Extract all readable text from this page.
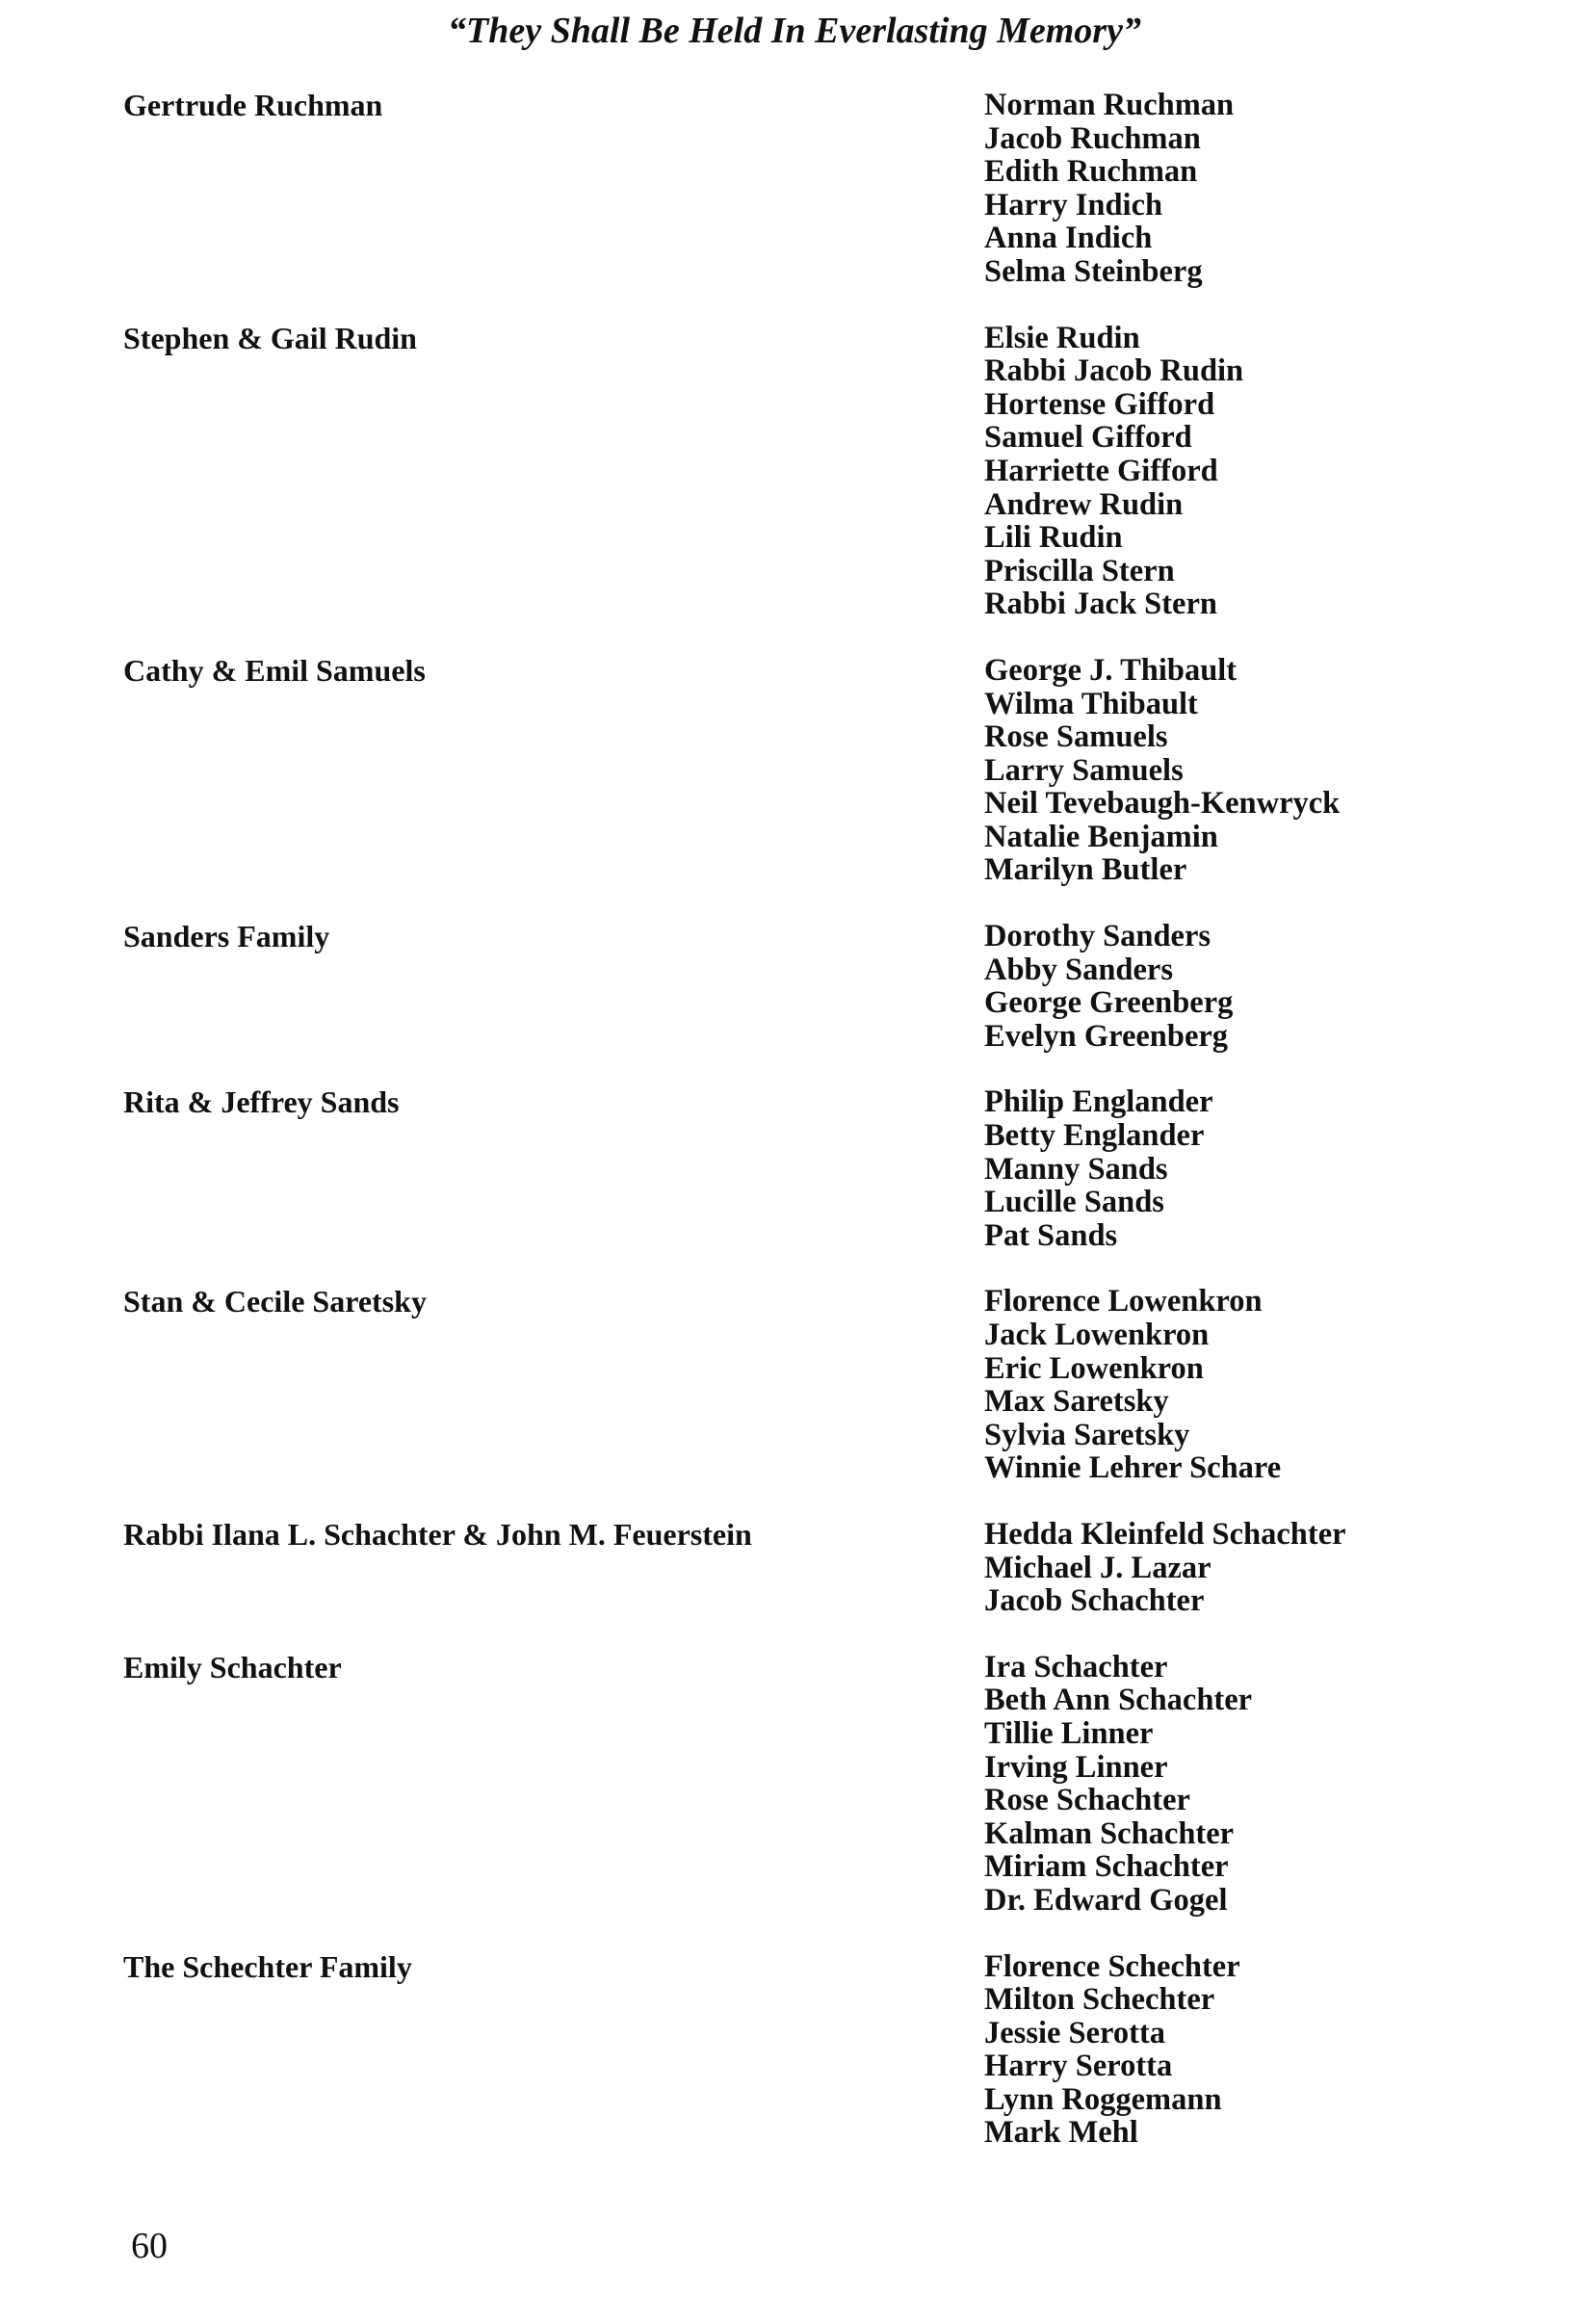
“They Shall Be Held In Everlasting Memory”
Gertrude Ruchman	Norman Ruchman
Jacob Ruchman
Edith Ruchman
Harry Indich
Anna Indich
Selma Steinberg
Stephen & Gail Rudin	Elsie Rudin
Rabbi Jacob Rudin
Hortense Gifford
Samuel Gifford
Harriette Gifford
Andrew Rudin
Lili Rudin
Priscilla Stern
Rabbi Jack Stern
Cathy & Emil Samuels	George J. Thibault
Wilma Thibault
Rose Samuels
Larry Samuels
Neil Tevebaugh-Kenwryck
Natalie Benjamin
Marilyn Butler
Sanders Family	Dorothy Sanders
Abby Sanders
George Greenberg
Evelyn Greenberg
Rita & Jeffrey Sands	Philip Englander
Betty Englander
Manny Sands
Lucille Sands
Pat Sands
Stan & Cecile Saretsky	Florence Lowenkron
Jack Lowenkron
Eric Lowenkron
Max Saretsky
Sylvia Saretsky
Winnie Lehrer Schare
Rabbi Ilana L. Schachter & John M. Feuerstein	Hedda Kleinfeld Schachter
Michael J. Lazar
Jacob Schachter
Emily Schachter	Ira Schachter
Beth Ann Schachter
Tillie Linner
Irving Linner
Rose Schachter
Kalman Schachter
Miriam Schachter
Dr. Edward Gogel
The Schechter Family	Florence Schechter
Milton Schechter
Jessie Serotta
Harry Serotta
Lynn Roggemann
Mark Mehl
60
